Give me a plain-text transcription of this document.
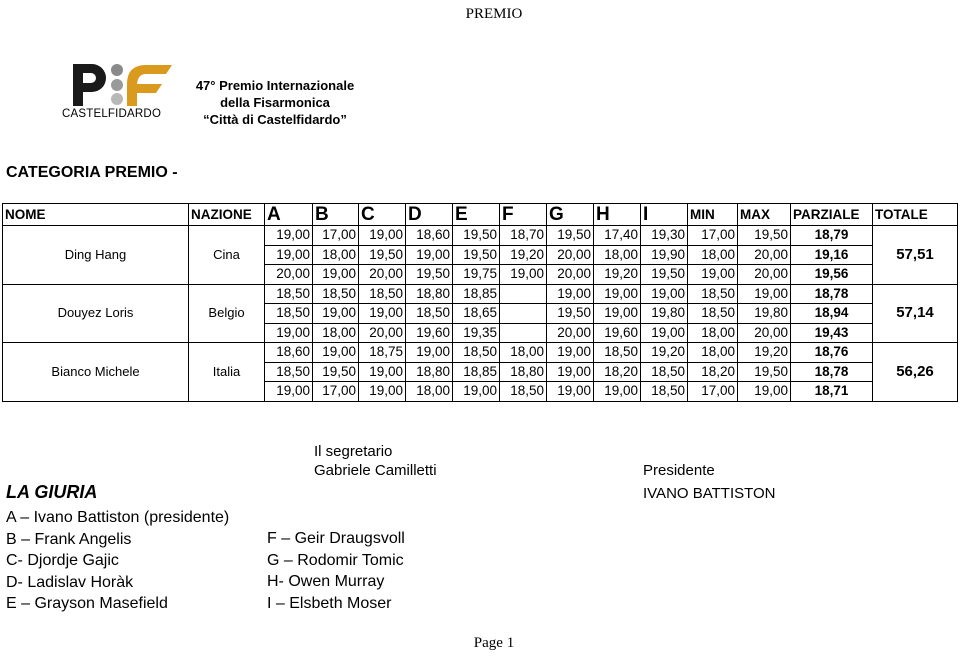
PREMIO
CASTELFIDARDO
47° Premio Internazionale
della Fisarmonica
“Città di Castelfidardo”
CATEGORIA PREMIO -
NOME	NAZIONE	A	B	C	D	E	F	G	H	I	MIN	MAX	PARZIALE	TOTALE
Ding Hang	Cina	19,00	17,00	19,00	18,60	19,50	18,70	19,50	17,40	19,30	17,00	19,50	18,79	57,51
		19,00	18,00	19,50	19,00	19,50	19,20	20,00	18,00	19,90	18,00	20,00	19,16	
		20,00	19,00	20,00	19,50	19,75	19,00	20,00	19,20	19,50	19,00	20,00	19,56	
Douyez Loris	Belgio	18,50	18,50	18,50	18,80	18,85		19,00	19,00	19,00	18,50	19,00	18,78	57,14
		18,50	19,00	19,00	18,50	18,65		19,50	19,00	19,80	18,50	19,80	18,94	
		19,00	18,00	20,00	19,60	19,35		20,00	19,60	19,00	18,00	20,00	19,43	
Bianco Michele	Italia	18,60	19,00	18,75	19,00	18,50	18,00	19,00	18,50	19,20	18,00	19,20	18,76	56,26
		18,50	19,50	19,00	18,80	18,85	18,80	19,00	18,20	18,50	18,20	19,50	18,78	
		19,00	17,00	19,00	18,00	19,00	18,50	19,00	19,00	18,50	17,00	19,00	18,71	
Il segretario
Gabriele Camilletti	Presidente
IVANO BATTISTON
LA GIURIA
A – Ivano Battiston (presidente)
B – Frank Angelis
C- Djordje Gajic
D- Ladislav Horàk
E – Grayson Masefield
F – Geir Draugsvoll
G – Rodomir Tomic
H- Owen Murray
I – Elsbeth Moser
Page 1
